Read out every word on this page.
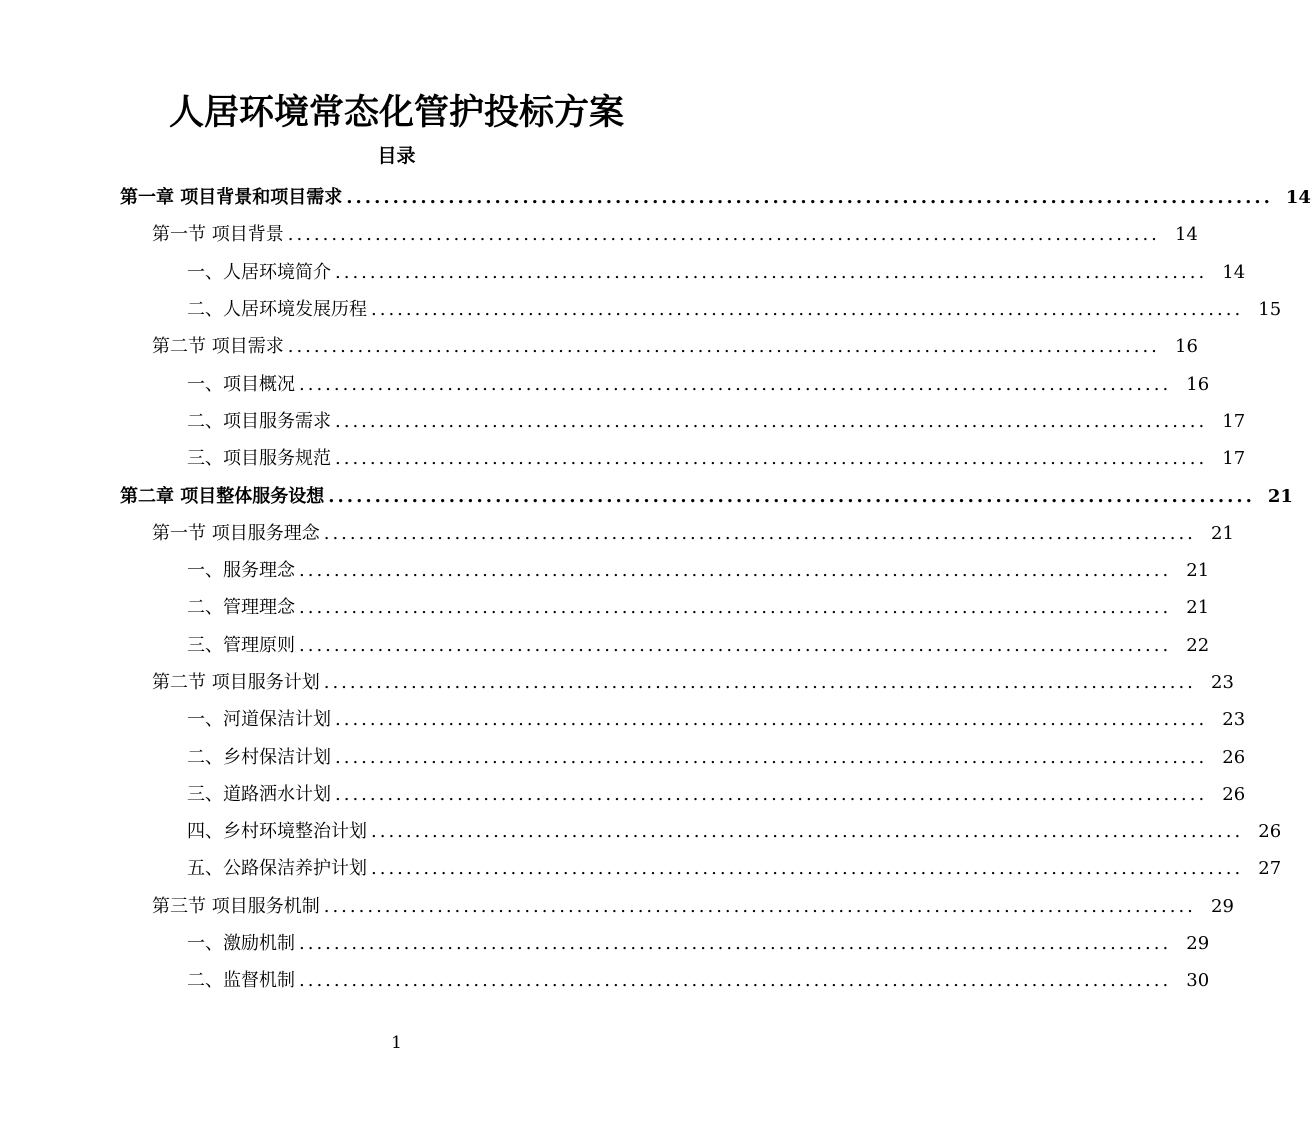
人居环境常态化管护投标方案
目录
第一章 项目背景和项目需求 .................................................................................................... 14
第一节 项目背景 .................................................................................................... 14
一、人居环境简介 .................................................................................................... 14
二、人居环境发展历程 .................................................................................................... 15
第二节 项目需求 .................................................................................................... 16
一、项目概况 .................................................................................................... 16
二、项目服务需求 .................................................................................................... 17
三、项目服务规范 .................................................................................................... 17
第二章 项目整体服务设想 .................................................................................................... 21
第一节 项目服务理念 .................................................................................................... 21
一、服务理念 .................................................................................................... 21
二、管理理念 .................................................................................................... 21
三、管理原则 .................................................................................................... 22
第二节 项目服务计划 .................................................................................................... 23
一、河道保洁计划 .................................................................................................... 23
二、乡村保洁计划 .................................................................................................... 26
三、道路洒水计划 .................................................................................................... 26
四、乡村环境整治计划 .................................................................................................... 26
五、公路保洁养护计划 .................................................................................................... 27
第三节 项目服务机制 .................................................................................................... 29
一、激励机制 .................................................................................................... 29
二、监督机制 .................................................................................................... 30
1
